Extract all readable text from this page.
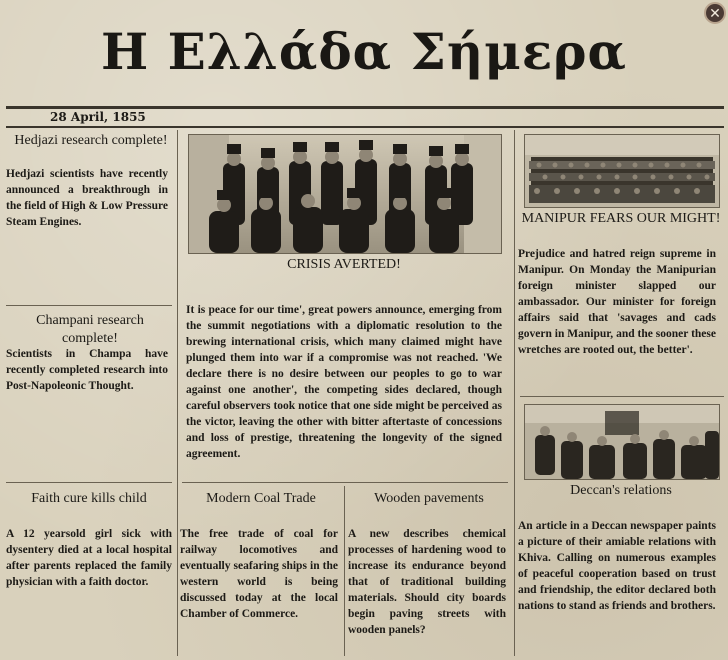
Η Ελλάδα Σήμερα
28 April, 1855
Hedjazi research complete!
Hedjazi scientists have recently announced a breakthrough in the field of High & Low Pressure Steam Engines.
Champani research complete!
Scientists in Champa have recently completed research into Post-Napoleonic Thought.
Faith cure kills child
A 12 yearsold girl sick with dysentery died at a local hospital after parents replaced the family physician with a faith doctor.
CRISIS AVERTED!
It is peace for our time', great powers announce, emerging from the summit negotiations with a diplomatic resolution to the brewing international crisis, which many claimed might have plunged them into war if a compromise was not reached. 'We declare there is no desire between our peoples to go to war against one another', the competing sides declared, though careful observers took notice that one side might be perceived as the victor, leaving the other with bitter aftertaste of concessions and loss of prestige, threatening the longevity of the signed agreement.
Modern Coal Trade
The free trade of coal for railway locomotives and eventually seafaring ships in the western world is being discussed today at the local Chamber of Commerce.
Wooden pavements
A new describes chemical processes of hardening wood to increase its endurance beyond that of traditional building materials. Should city boards begin paving streets with wooden panels?
MANIPUR FEARS OUR MIGHT!
Prejudice and hatred reign supreme in Manipur. On Monday the Manipurian foreign minister slapped our ambassador. Our minister for foreign affairs said that 'savages and cads govern in Manipur, and the sooner these wretches are rooted out, the better'.
Deccan's relations
An article in a Deccan newspaper paints a picture of their amiable relations with Khiva. Calling on numerous examples of peaceful cooperation based on trust and friendship, the editor declared both nations to stand as friends and brothers.
✕
